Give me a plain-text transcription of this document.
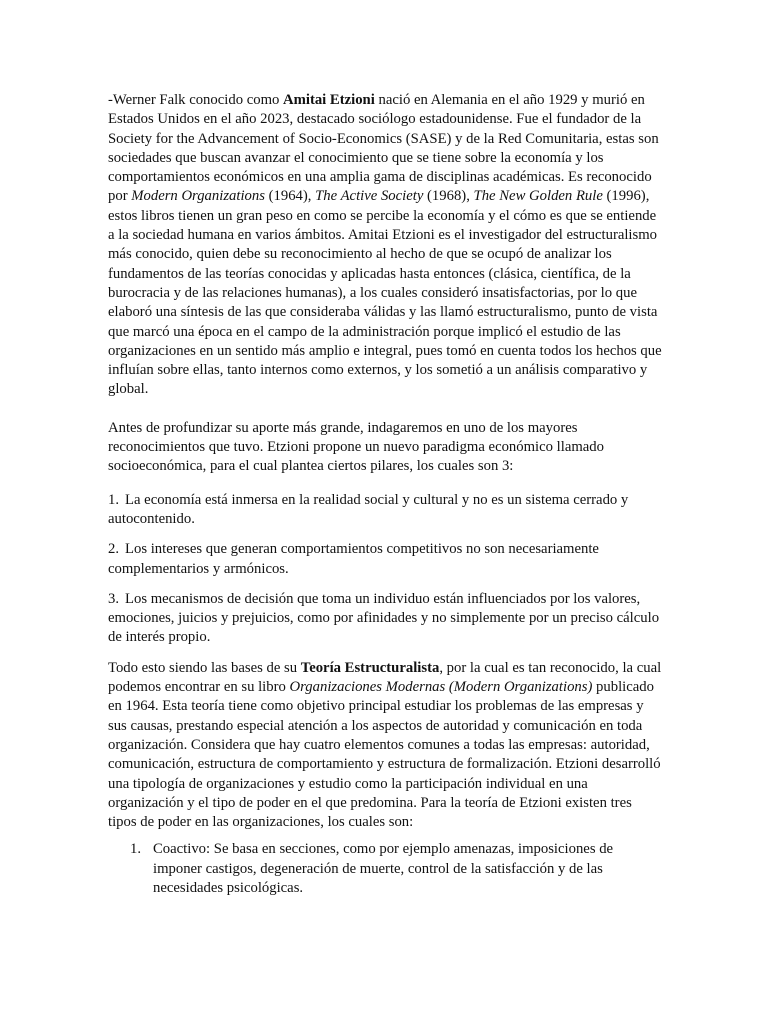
-Werner Falk conocido como Amitai Etzioni nació en Alemania en el año 1929 y murió en Estados Unidos en el año 2023, destacado sociólogo estadounidense. Fue el fundador de la Society for the Advancement of Socio-Economics (SASE) y de la Red Comunitaria, estas son sociedades que buscan avanzar el conocimiento que se tiene sobre la economía y los comportamientos económicos en una amplia gama de disciplinas académicas. Es reconocido por Modern Organizations (1964), The Active Society (1968), The New Golden Rule (1996), estos libros tienen un gran peso en como se percibe la economía y el cómo es que se entiende a la sociedad humana en varios ámbitos. Amitai Etzioni es el investigador del estructuralismo más conocido, quien debe su reconocimiento al hecho de que se ocupó de analizar los fundamentos de las teorías conocidas y aplicadas hasta entonces (clásica, científica, de la burocracia y de las relaciones humanas), a los cuales consideró insatisfactorias, por lo que elaboró una síntesis de las que consideraba válidas y las llamó estructuralismo, punto de vista que marcó una época en el campo de la administración porque implicó el estudio de las organizaciones en un sentido más amplio e integral, pues tomó en cuenta todos los hechos que influían sobre ellas, tanto internos como externos, y los sometió a un análisis comparativo y global.

Antes de profundizar su aporte más grande, indagaremos en uno de los mayores reconocimientos que tuvo. Etzioni propone un nuevo paradigma económico llamado socioeconómica, para el cual plantea ciertos pilares, los cuales son 3:

1. La economía está inmersa en la realidad social y cultural y no es un sistema cerrado y autocontenido.

2. Los intereses que generan comportamientos competitivos no son necesariamente complementarios y armónicos.

3. Los mecanismos de decisión que toma un individuo están influenciados por los valores, emociones, juicios y prejuicios, como por afinidades y no simplemente por un preciso cálculo de interés propio.

Todo esto siendo las bases de su Teoría Estructuralista, por la cual es tan reconocido, la cual podemos encontrar en su libro Organizaciones Modernas (Modern Organizations) publicado en 1964. Esta teoría tiene como objetivo principal estudiar los problemas de las empresas y sus causas, prestando especial atención a los aspectos de autoridad y comunicación en toda organización. Considera que hay cuatro elementos comunes a todas las empresas: autoridad, comunicación, estructura de comportamiento y estructura de formalización. Etzioni desarrolló una tipología de organizaciones y estudio como la participación individual en una organización y el tipo de poder en el que predomina. Para la teoría de Etzioni existen tres tipos de poder en las organizaciones, los cuales son:

1. Coactivo: Se basa en secciones, como por ejemplo amenazas, imposiciones de imponer castigos, degeneración de muerte, control de la satisfacción y de las necesidades psicológicas.
